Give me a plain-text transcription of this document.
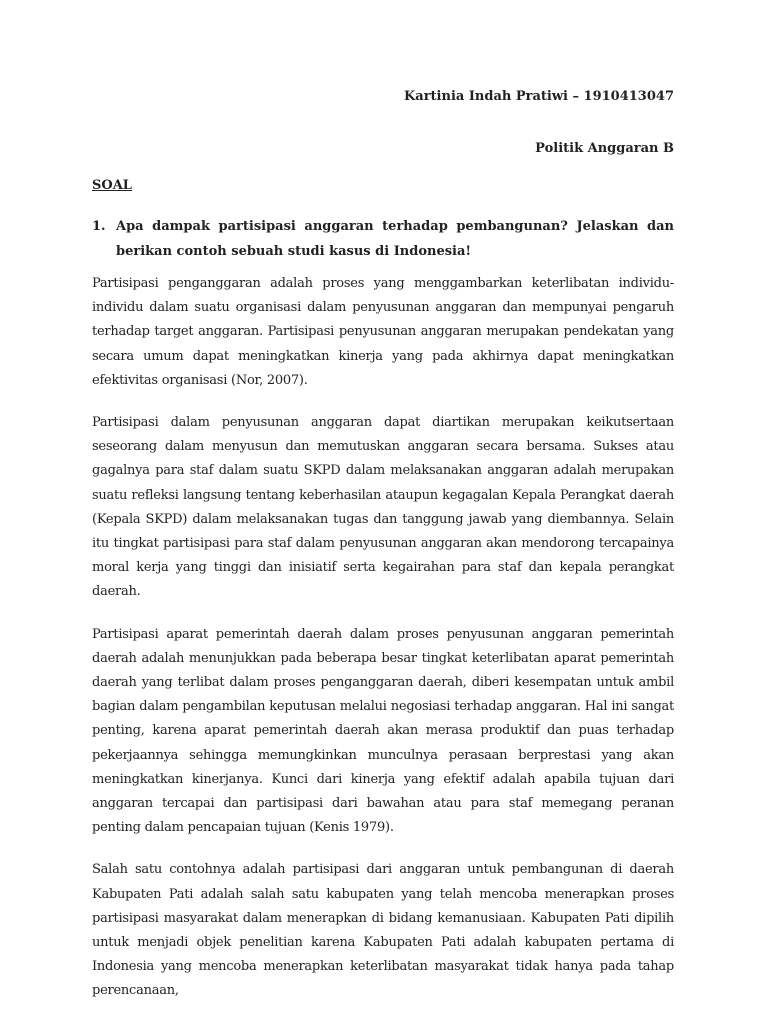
Kartinia Indah Pratiwi – 1910413047
Politik Anggaran B
SOAL
1. Apa dampak partisipasi anggaran terhadap pembangunan? Jelaskan dan berikan contoh sebuah studi kasus di Indonesia!

Partisipasi penganggaran adalah proses yang menggambarkan keterlibatan individu- individu dalam suatu organisasi dalam penyusunan anggaran dan mempunyai pengaruh terhadap target anggaran. Partisipasi penyusunan anggaran merupakan pendekatan yang secara umum dapat meningkatkan kinerja yang pada akhirnya dapat meningkatkan efektivitas organisasi (Nor, 2007).

Partisipasi dalam penyusunan anggaran dapat diartikan merupakan keikutsertaan seseorang dalam menyusun dan memutuskan anggaran secara bersama. Sukses atau gagalnya para staf dalam suatu SKPD dalam melaksanakan anggaran adalah merupakan suatu refleksi langsung tentang keberhasilan ataupun kegagalan Kepala Perangkat daerah (Kepala SKPD) dalam melaksanakan tugas dan tanggung jawab yang diembannya. Selain itu tingkat partisipasi para staf dalam penyusunan anggaran akan mendorong tercapainya moral kerja yang tinggi dan inisiatif serta kegairahan para staf dan kepala perangkat daerah.

Partisipasi aparat pemerintah daerah dalam proses penyusunan anggaran pemerintah daerah adalah menunjukkan pada beberapa besar tingkat keterlibatan aparat pemerintah daerah yang terlibat dalam proses penganggaran daerah, diberi kesempatan untuk ambil bagian dalam pengambilan keputusan melalui negosiasi terhadap anggaran. Hal ini sangat penting, karena aparat pemerintah daerah akan merasa produktif dan puas terhadap pekerjaannya sehingga memungkinkan munculnya perasaan berprestasi yang akan meningkatkan kinerjanya. Kunci dari kinerja yang efektif adalah apabila tujuan dari anggaran tercapai dan partisipasi dari bawahan atau para staf memegang peranan penting dalam pencapaian tujuan (Kenis 1979).

Salah satu contohnya adalah partisipasi dari anggaran untuk pembangunan di daerah Kabupaten Pati adalah salah satu kabupaten yang telah mencoba menerapkan proses partisipasi masyarakat dalam menerapkan di bidang kemanusiaan. Kabupaten Pati dipilih untuk menjadi objek penelitian karena Kabupaten Pati adalah kabupaten pertama di Indonesia yang mencoba menerapkan keterlibatan masyarakat tidak hanya pada tahap perencanaan,
